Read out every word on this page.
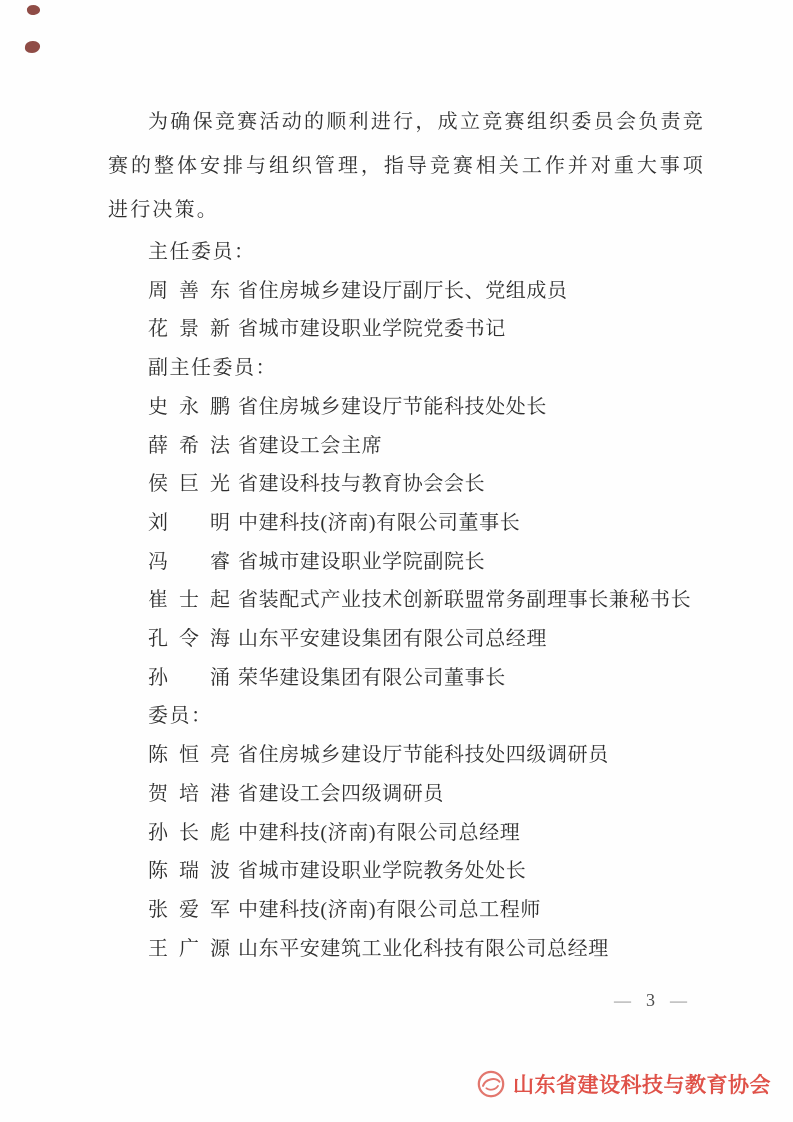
为确保竞赛活动的顺利进行，成立竞赛组织委员会负责竞赛的整体安排与组织管理，指导竞赛相关工作并对重大事项进行决策。

主任委员：
周善东 省住房城乡建设厅副厅长、党组成员
花景新 省城市建设职业学院党委书记
副主任委员：
史永鹏 省住房城乡建设厅节能科技处处长
薛希法 省建设工会主席
侯巨光 省建设科技与教育协会会长
刘　明 中建科技(济南)有限公司董事长
冯　睿 省城市建设职业学院副院长
崔士起 省装配式产业技术创新联盟常务副理事长兼秘书长
孔令海 山东平安建设集团有限公司总经理
孙　涌 荣华建设集团有限公司董事长
委员：
陈恒亮 省住房城乡建设厅节能科技处四级调研员
贺培港 省建设工会四级调研员
孙长彪 中建科技(济南)有限公司总经理
陈瑞波 省城市建设职业学院教务处处长
张爱军 中建科技(济南)有限公司总工程师
王广源 山东平安建筑工业化科技有限公司总经理
— 3 —
山东省建设科技与教育协会
